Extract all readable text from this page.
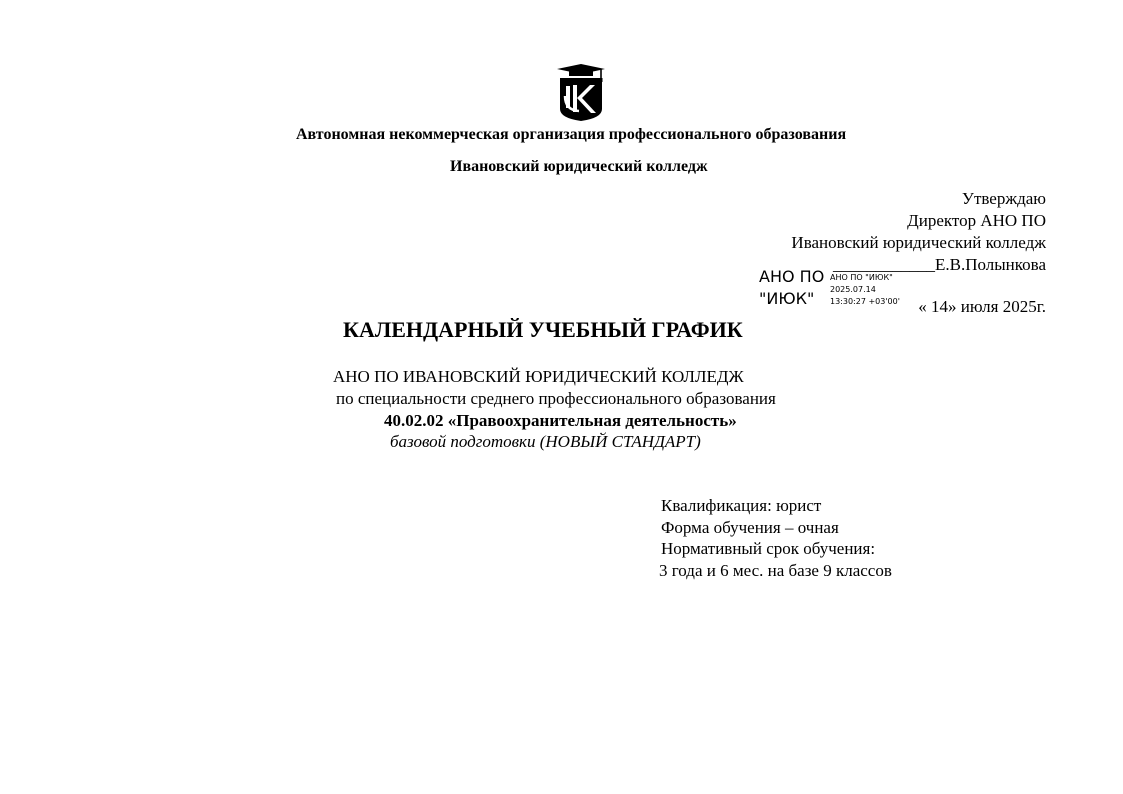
Автономная некоммерческая организация профессионального образования
Ивановский юридический колледж
Утверждаю
Директор АНО ПО
Ивановский юридический колледж
____________Е.В.Полынкова
« 14» июля 2025г.
АНО ПО
"ИЮК"
АНО ПО "ИЮК"
2025.07.14
13:30:27 +03'00'
КАЛЕНДАРНЫЙ УЧЕБНЫЙ ГРАФИК
АНО ПО ИВАНОВСКИЙ ЮРИДИЧЕСКИЙ КОЛЛЕДЖ
по специальности среднего профессионального образования
40.02.02 «Правоохранительная деятельность»
базовой подготовки (НОВЫЙ СТАНДАРТ)
Квалификация: юрист
Форма обучения – очная
Нормативный срок обучения:
3 года и 6 мес. на базе 9 классов
